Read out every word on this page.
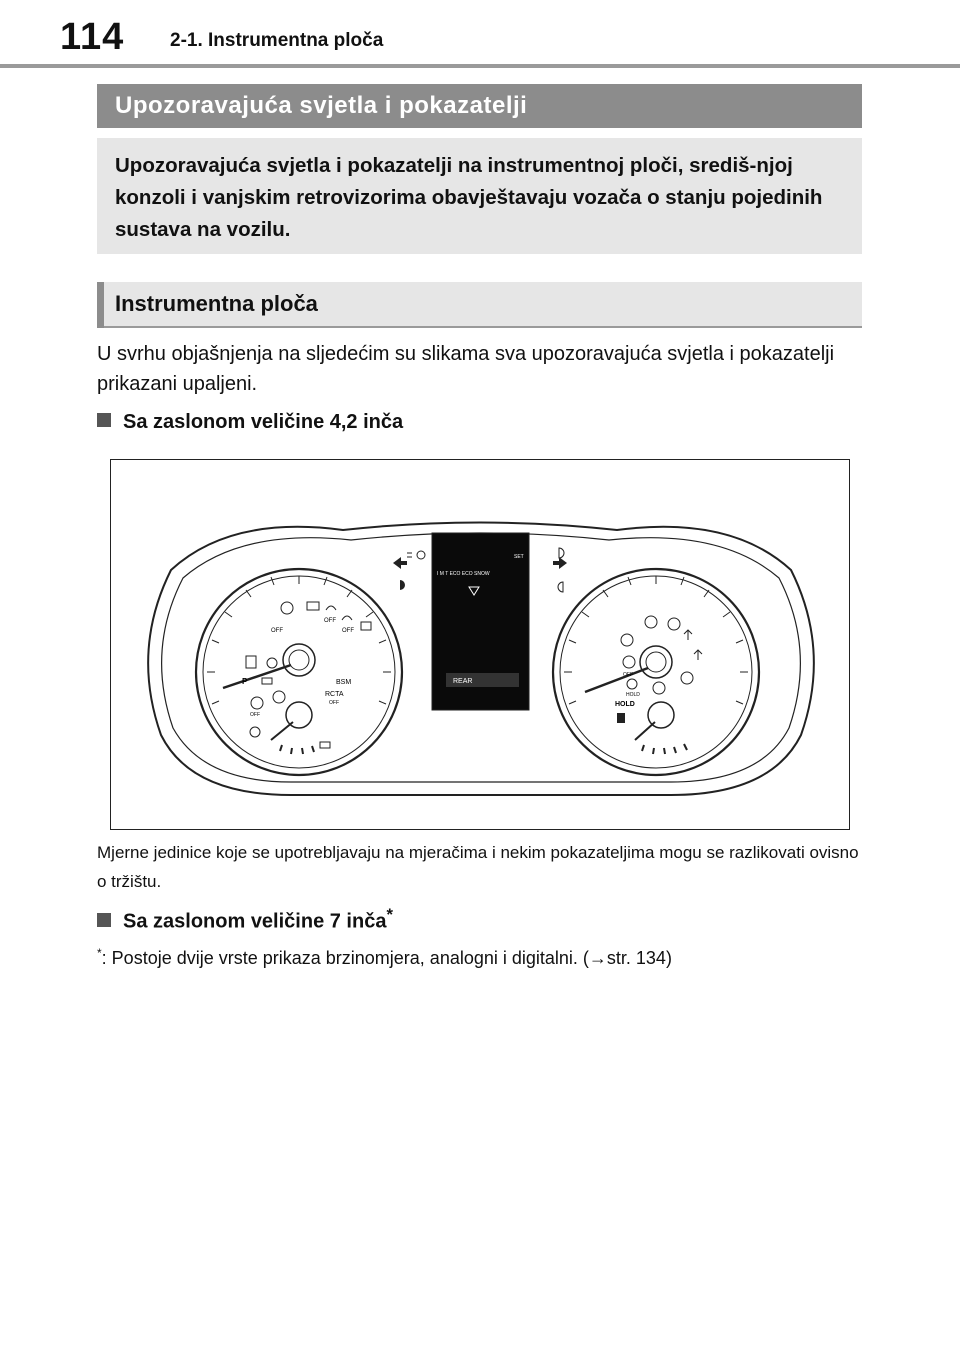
114 2-1. Instrumentna ploča
Upozoravajuća svjetla i pokazatelji

Upozoravajuća svjetla i pokazatelji na instrumentnoj ploči, središ-njoj konzoli i vanjskim retrovizorima obavještavaju vozača o stanju pojedinih sustava na vozilu.

Instrumentna ploča
U svrhu objašnjenja na sljedećim su slikama sva upozoravajuća svjetla i pokazatelji prikazani upaljeni.
Sa zaslonom veličine 4,2 inča
OFF
OFF
OFF
P
OFF
BSM
RCTA
OFF
I M T ECO ECO SNOW
SET
REAR
OFF
HOLD
HOLD
Mjerne jedinice koje se upotrebljavaju na mjeračima i nekim pokazateljima mogu se razlikovati ovisno o tržištu.
Sa zaslonom veličine 7 inča*
*: Postoje dvije vrste prikaza brzinomjera, analogni i digitalni. (→str. 134)
